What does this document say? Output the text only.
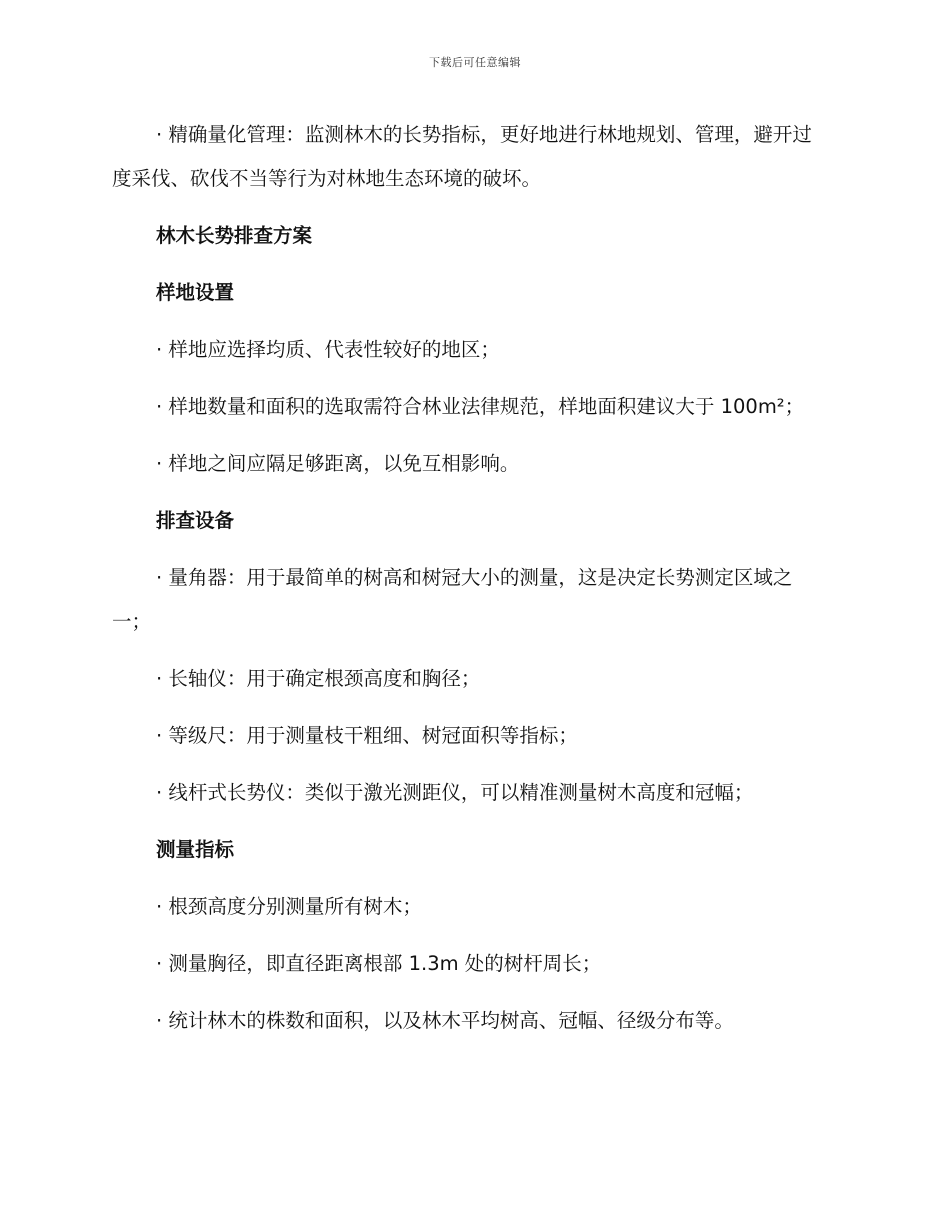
下载后可任意编辑

· 精确量化管理：监测林木的长势指标，更好地进行林地规划、管理，避开过度采伐、砍伐不当等行为对林地生态环境的破坏。

林木长势排查方案
样地设置

· 样地应选择均质、代表性较好的地区；

· 样地数量和面积的选取需符合林业法律规范，样地面积建议大于 100m²；

· 样地之间应隔足够距离，以免互相影响。

排查设备

· 量角器：用于最简单的树高和树冠大小的测量，这是决定长势测定区域之一；

· 长轴仪：用于确定根颈高度和胸径；

· 等级尺：用于测量枝干粗细、树冠面积等指标；

· 线杆式长势仪：类似于激光测距仪，可以精准测量树木高度和冠幅；

测量指标

· 根颈高度分别测量所有树木；

· 测量胸径，即直径距离根部 1.3m 处的树杆周长；

· 统计林木的株数和面积，以及林木平均树高、冠幅、径级分布等。
